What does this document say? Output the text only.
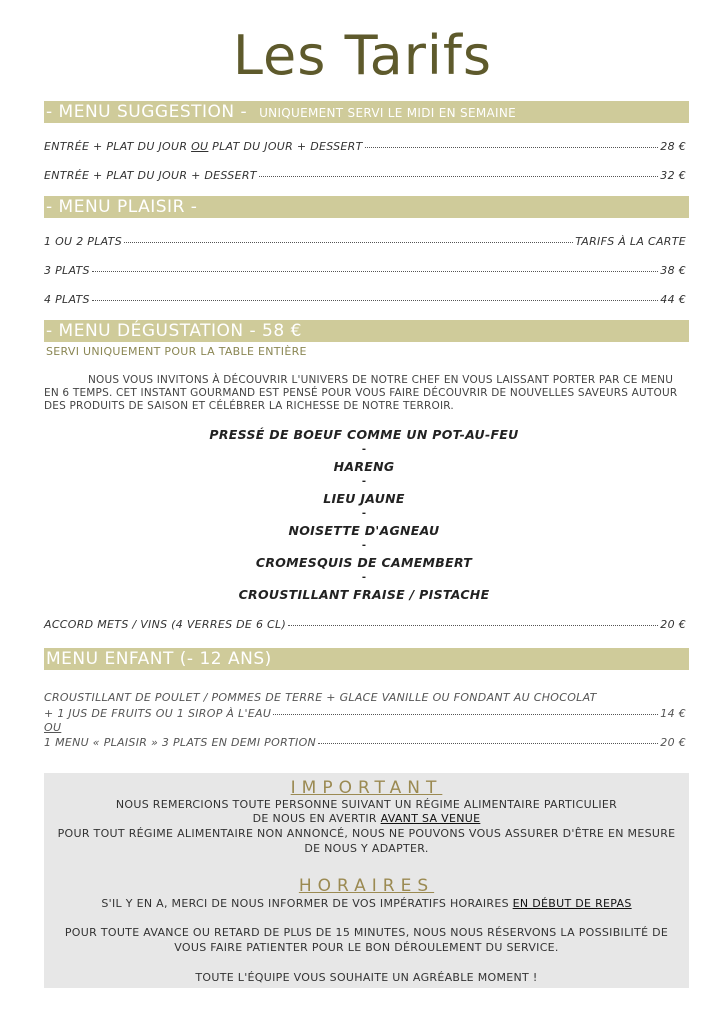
Les Tarifs
- MENU SUGGESTION - UNIQUEMENT SERVI LE MIDI EN SEMAINE
ENTRÉE + PLAT DU JOUR OU PLAT DU JOUR + DESSERT	28 €
ENTRÉE + PLAT DU JOUR + DESSERT	32 €
- MENU PLAISIR -
1 OU 2 PLATS	TARIFS À LA CARTE
3 PLATS	38 €
4 PLATS	44 €
- MENU DÉGUSTATION - 58 €
SERVI UNIQUEMENT POUR LA TABLE ENTIÈRE
NOUS VOUS INVITONS À DÉCOUVRIR L'UNIVERS DE NOTRE CHEF EN VOUS LAISSANT PORTER PAR CE MENU
EN 6 TEMPS. CET INSTANT GOURMAND EST PENSÉ POUR VOUS FAIRE DÉCOUVRIR DE NOUVELLES SAVEURS AUTOUR
DES PRODUITS DE SAISON ET CÉLÉBRER LA RICHESSE DE NOTRE TERROIR.
PRESSÉ DE BOEUF COMME UN POT-AU-FEU
-
HARENG
-
LIEU JAUNE
-
NOISETTE D'AGNEAU
-
CROMESQUIS DE CAMEMBERT
-
CROUSTILLANT FRAISE / PISTACHE
ACCORD METS / VINS (4 VERRES DE 6 CL)	20 €
MENU ENFANT (- 12 ANS)
CROUSTILLANT DE POULET / POMMES DE TERRE + GLACE VANILLE OU FONDANT AU CHOCOLAT
+ 1 JUS DE FRUITS OU 1 SIROP À L'EAU	14 €
OU
1 MENU « PLAISIR » 3 PLATS EN DEMI PORTION	20 €
IMPORTANT
NOUS REMERCIONS TOUTE PERSONNE SUIVANT UN RÉGIME ALIMENTAIRE PARTICULIER
DE NOUS EN AVERTIR AVANT SA VENUE
POUR TOUT RÉGIME ALIMENTAIRE NON ANNONCÉ, NOUS NE POUVONS VOUS ASSURER D'ÊTRE EN MESURE
DE NOUS Y ADAPTER.
HORAIRES
S'IL Y EN A, MERCI DE NOUS INFORMER DE VOS IMPÉRATIFS HORAIRES EN DÉBUT DE REPAS
POUR TOUTE AVANCE OU RETARD DE PLUS DE 15 MINUTES, NOUS NOUS RÉSERVONS LA POSSIBILITÉ DE
VOUS FAIRE PATIENTER POUR LE BON DÉROULEMENT DU SERVICE.
TOUTE L'ÉQUIPE VOUS SOUHAITE UN AGRÉABLE MOMENT !
